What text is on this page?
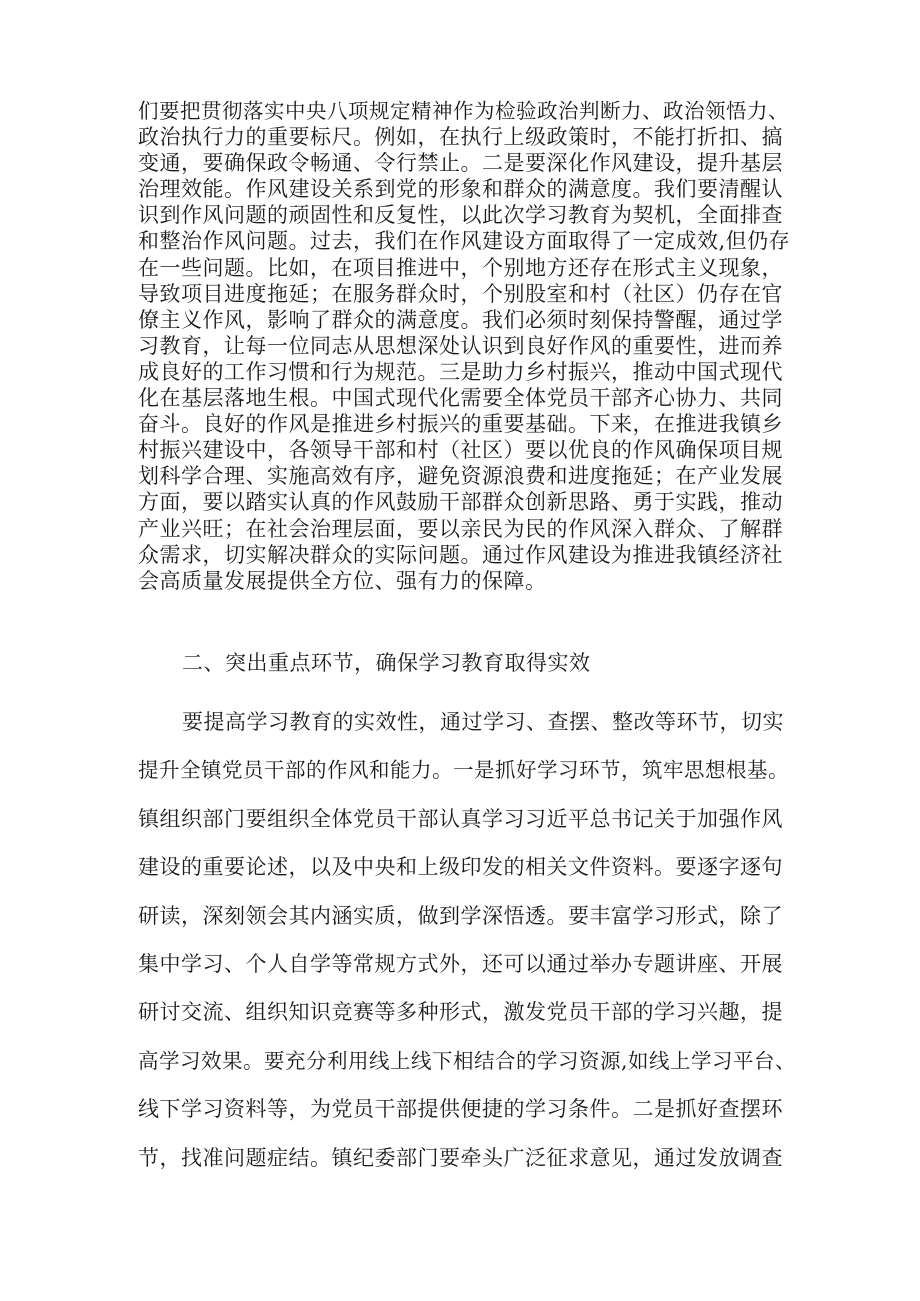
们要把贯彻落实中央八项规定精神作为检验政治判断力、政治领悟力、

政治执行力的重要标尺。例如，在执行上级政策时，不能打折扣、搞

变通，要确保政令畅通、令行禁止。二是要深化作风建设，提升基层

治理效能。作风建设关系到党的形象和群众的满意度。我们要清醒认

识到作风问题的顽固性和反复性，以此次学习教育为契机，全面排查

和整治作风问题。过去，我们在作风建设方面取得了一定成效,但仍存

在一些问题。比如，在项目推进中，个别地方还存在形式主义现象，

导致项目进度拖延；在服务群众时，个别股室和村（社区）仍存在官

僚主义作风，影响了群众的满意度。我们必须时刻保持警醒，通过学

习教育，让每一位同志从思想深处认识到良好作风的重要性，进而养

成良好的工作习惯和行为规范。三是助力乡村振兴，推动中国式现代

化在基层落地生根。中国式现代化需要全体党员干部齐心协力、共同

奋斗。良好的作风是推进乡村振兴的重要基础。下来，在推进我镇乡

村振兴建设中，各领导干部和村（社区）要以优良的作风确保项目规

划科学合理、实施高效有序，避免资源浪费和进度拖延；在产业发展

方面，要以踏实认真的作风鼓励干部群众创新思路、勇于实践，推动

产业兴旺；在社会治理层面，要以亲民为民的作风深入群众、了解群

众需求，切实解决群众的实际问题。通过作风建设为推进我镇经济社

会高质量发展提供全方位、强有力的保障。

二、突出重点环节，确保学习教育取得实效

要提高学习教育的实效性，通过学习、查摆、整改等环节，切实

提升全镇党员干部的作风和能力。一是抓好学习环节，筑牢思想根基。

镇组织部门要组织全体党员干部认真学习习近平总书记关于加强作风

建设的重要论述，以及中央和上级印发的相关文件资料。要逐字逐句

研读，深刻领会其内涵实质，做到学深悟透。要丰富学习形式，除了

集中学习、个人自学等常规方式外，还可以通过举办专题讲座、开展

研讨交流、组织知识竞赛等多种形式，激发党员干部的学习兴趣，提

高学习效果。要充分利用线上线下相结合的学习资源,如线上学习平台、

线下学习资料等，为党员干部提供便捷的学习条件。二是抓好查摆环

节，找准问题症结。镇纪委部门要牵头广泛征求意见，通过发放调查
